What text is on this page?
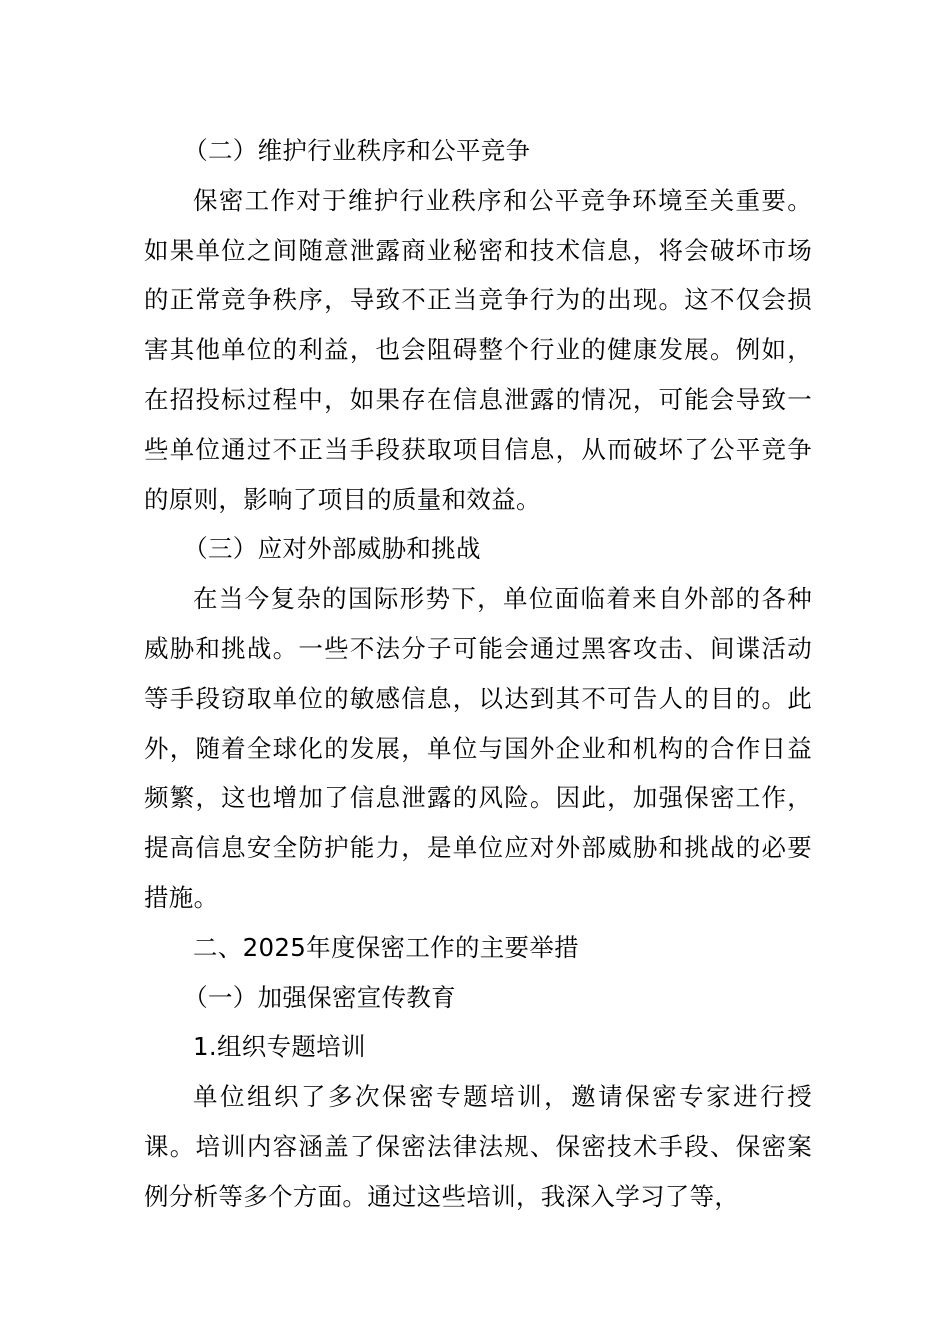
（二）维护行业秩序和公平竞争

保密工作对于维护行业秩序和公平竞争环境至关重要。如果单位之间随意泄露商业秘密和技术信息，将会破坏市场的正常竞争秩序，导致不正当竞争行为的出现。这不仅会损害其他单位的利益，也会阻碍整个行业的健康发展。例如，在招投标过程中，如果存在信息泄露的情况，可能会导致一些单位通过不正当手段获取项目信息，从而破坏了公平竞争的原则，影响了项目的质量和效益。

（三）应对外部威胁和挑战

在当今复杂的国际形势下，单位面临着来自外部的各种威胁和挑战。一些不法分子可能会通过黑客攻击、间谍活动等手段窃取单位的敏感信息，以达到其不可告人的目的。此外，随着全球化的发展，单位与国外企业和机构的合作日益频繁，这也增加了信息泄露的风险。因此，加强保密工作，提高信息安全防护能力，是单位应对外部威胁和挑战的必要措施。

二、2025年度保密工作的主要举措

（一）加强保密宣传教育

1.组织专题培训

单位组织了多次保密专题培训，邀请保密专家进行授课。培训内容涵盖了保密法律法规、保密技术手段、保密案例分析等多个方面。通过这些培训，我深入学习了等，
